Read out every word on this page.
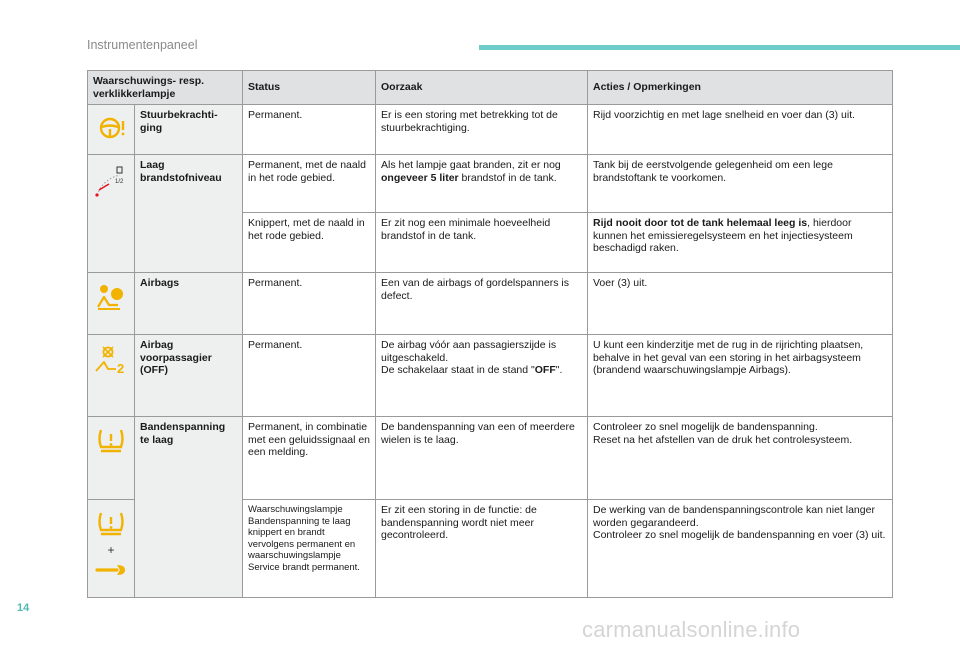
Instrumentenpaneel
Waarschuwings- resp. verklikkerlampje		Status	Oorzaak	Acties / Opmerkingen

	Stuurbekrachti-ging	Permanent.	Er is een storing met betrekking tot de stuurbekrachtiging.	Rijd voorzichtig en met lage snelheid en voer dan (3) uit.

1/2	Laag brandstofniveau	Permanent, met de naald in het rode gebied.	Als het lampje gaat branden, zit er nog ongeveer 5 liter brandstof in de tank.	Tank bij de eerstvolgende gelegenheid om een lege brandstoftank te voorkomen.
		Knippert, met de naald in het rode gebied.	Er zit nog een minimale hoeveelheid brandstof in de tank.	Rijd nooit door tot de tank helemaal leeg is, hierdoor kunnen het emissieregelsysteem en het injectiesysteem beschadigd raken.

	Airbags	Permanent.	Een van de airbags of gordelspanners is defect.	Voer (3) uit.

2	Airbag voorpassagier (OFF)	Permanent.	De airbag vóór aan passagierszijde is uitgeschakeld.
De schakelaar staat in de stand "OFF".	U kunt een kinderzitje met de rug in de rijrichting plaatsen, behalve in het geval van een storing in het airbagsysteem (brandend waarschuwingslampje Airbags).

	Bandenspanning te laag	Permanent, in combinatie met een geluidssignaal en een melding.	De bandenspanning van een of meerdere wielen is te laag.	Controleer zo snel mogelijk de bandenspanning.
Reset na het afstellen van de druk het controlesysteem.

+		Waarschuwingslampje Bandenspanning te laag knippert en brandt vervolgens permanent en waarschuwingslampje Service brandt permanent.	Er zit een storing in de functie: de bandenspanning wordt niet meer gecontroleerd.	De werking van de bandenspanningscontrole kan niet langer worden gegarandeerd.
Controleer zo snel mogelijk de bandenspanning en voer (3) uit.
14
carmanualsonline.info
